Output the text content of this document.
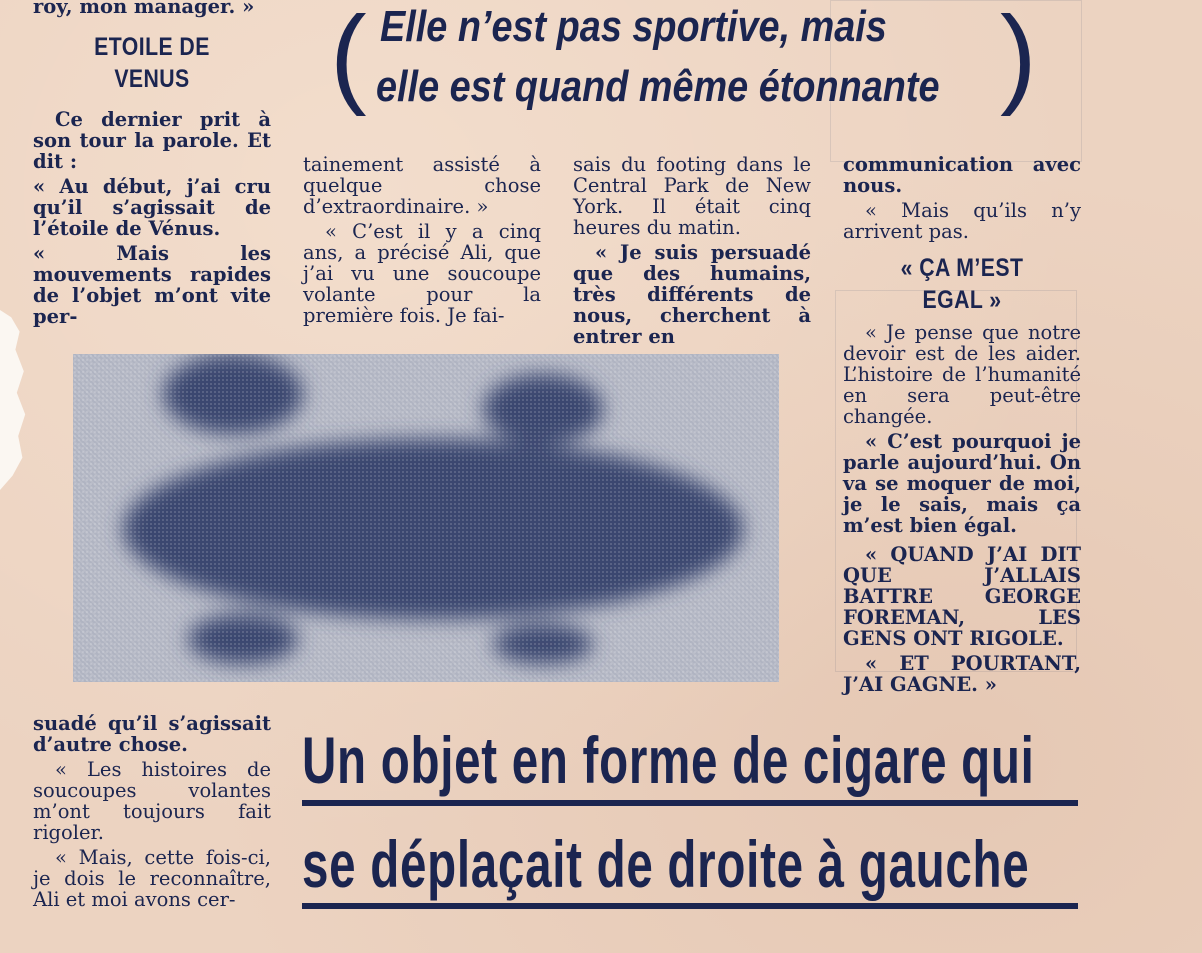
( Elle n’est pas sportive, mais
elle est quand même étonnante )

roy, mon manager. »

ETOILE DE
VENUS

Ce dernier prit à son tour la parole. Et dit :

« Au début, j’ai cru qu’il s’agissait de l’étoile de Vénus.

« Mais les mouvements rapides de l’objet m’ont vite per-

tainement assisté à quelque chose d’extraordinaire. »

« C’est il y a cinq ans, a précisé Ali, que j’ai vu une soucoupe volante pour la première fois. Je fai-

sais du footing dans le Central Park de New York. Il était cinq heures du matin.

« Je suis persuadé que des humains, très différents de nous, cherchent à entrer en

communication avec nous.

« Mais qu’ils n’y arrivent pas.

« ÇA M’EST
EGAL »

« Je pense que notre devoir est de les aider. L’histoire de l’humanité en sera peut-être changée.

« C’est pourquoi je parle aujourd’hui. On va se moquer de moi, je le sais, mais ça m’est bien égal.

« QUAND J’AI DIT QUE J’ALLAIS BATTRE GEORGE FOREMAN, LES GENS ONT RIGOLE.

« ET POURTANT, J’AI GAGNE. »

suadé qu’il s’agissait d’autre chose.

« Les histoires de soucoupes volantes m’ont toujours fait rigoler.

« Mais, cette fois-ci, je dois le reconnaître, Ali et moi avons cer-

Un objet en forme de cigare qui
se déplaçait de droite à gauche
